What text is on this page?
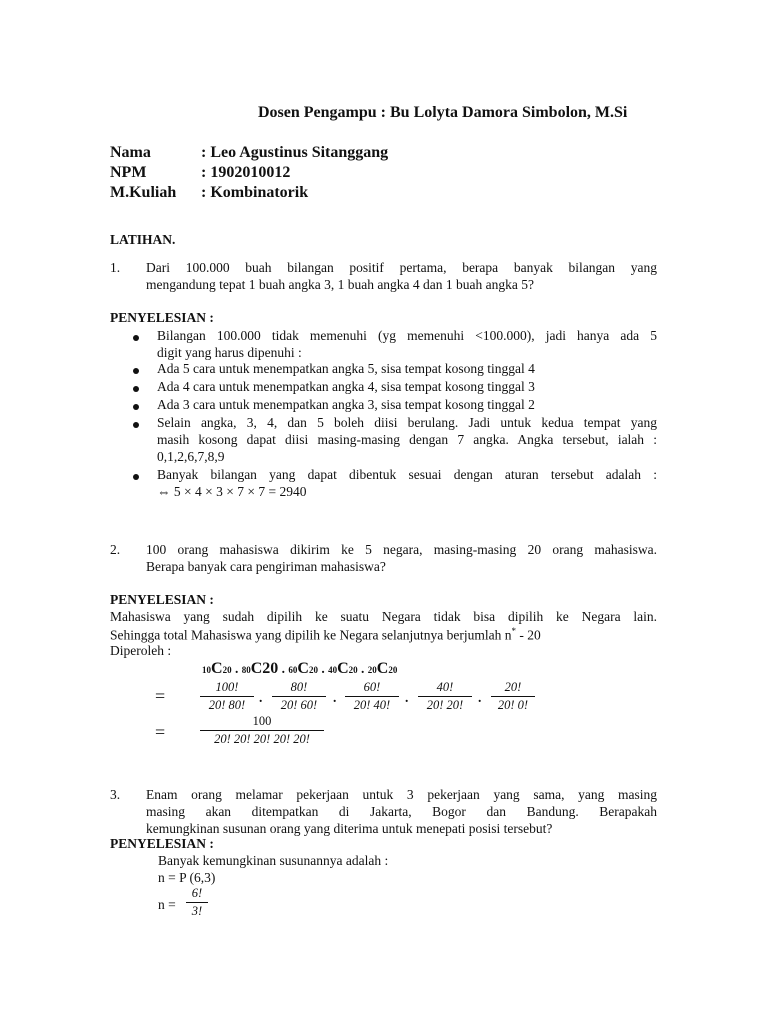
Dosen Pengampu : Bu Lolyta Damora Simbolon, M.Si
Nama	: Leo Agustinus Sitanggang
NPM	: 1902010012
M.Kuliah : Kombinatorik
LATIHAN.
1. Dari 100.000 buah bilangan positif pertama, berapa banyak bilangan yang
mengandung tepat 1 buah angka 3, 1 buah angka 4 dan 1 buah angka 5?
PENYELESIAN :
Bilangan 100.000 tidak memenuhi (yg memenuhi <100.000), jadi hanya ada 5
digit yang harus dipenuhi :
Ada 5 cara untuk menempatkan angka 5, sisa tempat kosong tinggal 4
Ada 4 cara untuk menempatkan angka 4, sisa tempat kosong tinggal 3
Ada 3 cara untuk menempatkan angka 3, sisa tempat kosong tinggal 2
Selain angka, 3, 4, dan 5 boleh diisi berulang. Jadi untuk kedua tempat yang
masih kosong dapat diisi masing-masing dengan 7 angka. Angka tersebut, ialah :
0,1,2,6,7,8,9
Banyak bilangan yang dapat dibentuk sesuai dengan aturan tersebut adalah :
⇔ 5 × 4 × 3 × 7 × 7 = 2940
2. 100 orang mahasiswa dikirim ke 5 negara, masing-masing 20 orang mahasiswa.
Berapa banyak cara pengiriman mahasiswa?
PENYELESIAN :
Mahasiswa yang sudah dipilih ke suatu Negara tidak bisa dipilih ke Negara lain.
Sehingga total Mahasiswa yang dipilih ke Negara selanjutnya berjumlah n* - 20
Diperoleh :
10C20 . 80C20 . 60C20 . 40C20 . 20C20
=	$\frac{100!}{20! 80!}$ . $\frac{80!}{20! 60!}$ . $\frac{60!}{20! 40!}$ . $\frac{40!}{20! 20!}$ . $\frac{20!}{20! 0!}$
=	$\frac{100}{20! 20! 20! 20! 20!}$
3. Enam orang melamar pekerjaan untuk 3 pekerjaan yang sama, yang masing
masing akan ditempatkan di Jakarta, Bogor dan Bandung. Berapakah
kemungkinan susunan orang yang diterima untuk menepati posisi tersebut?
PENYELESIAN :
Banyak kemungkinan susunannya adalah :
n = P (6,3)
$n = \frac{6!}{3!}$
